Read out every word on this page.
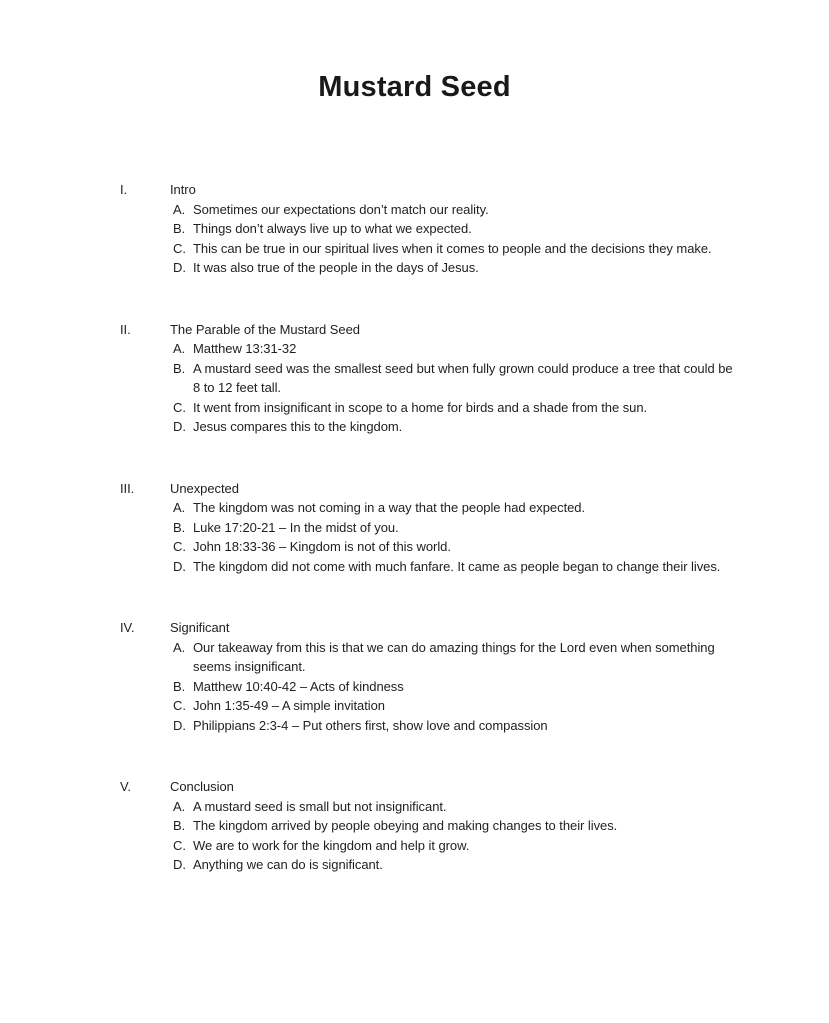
Mustard Seed
I.	Intro
A. Sometimes our expectations don’t match our reality.
B. Things don’t always live up to what we expected.
C. This can be true in our spiritual lives when it comes to people and the decisions they make.
D. It was also true of the people in the days of Jesus.
II.	The Parable of the Mustard Seed
A. Matthew 13:31-32
B. A mustard seed was the smallest seed but when fully grown could produce a tree that could be 8 to 12 feet tall.
C. It went from insignificant in scope to a home for birds and a shade from the sun.
D. Jesus compares this to the kingdom.
III.	Unexpected
A. The kingdom was not coming in a way that the people had expected.
B. Luke 17:20-21 – In the midst of you.
C. John 18:33-36 – Kingdom is not of this world.
D. The kingdom did not come with much fanfare. It came as people began to change their lives.
IV.	Significant
A. Our takeaway from this is that we can do amazing things for the Lord even when something seems insignificant.
B. Matthew 10:40-42 – Acts of kindness
C. John 1:35-49 – A simple invitation
D. Philippians 2:3-4 – Put others first, show love and compassion
V.	Conclusion
A. A mustard seed is small but not insignificant.
B. The kingdom arrived by people obeying and making changes to their lives.
C. We are to work for the kingdom and help it grow.
D. Anything we can do is significant.
